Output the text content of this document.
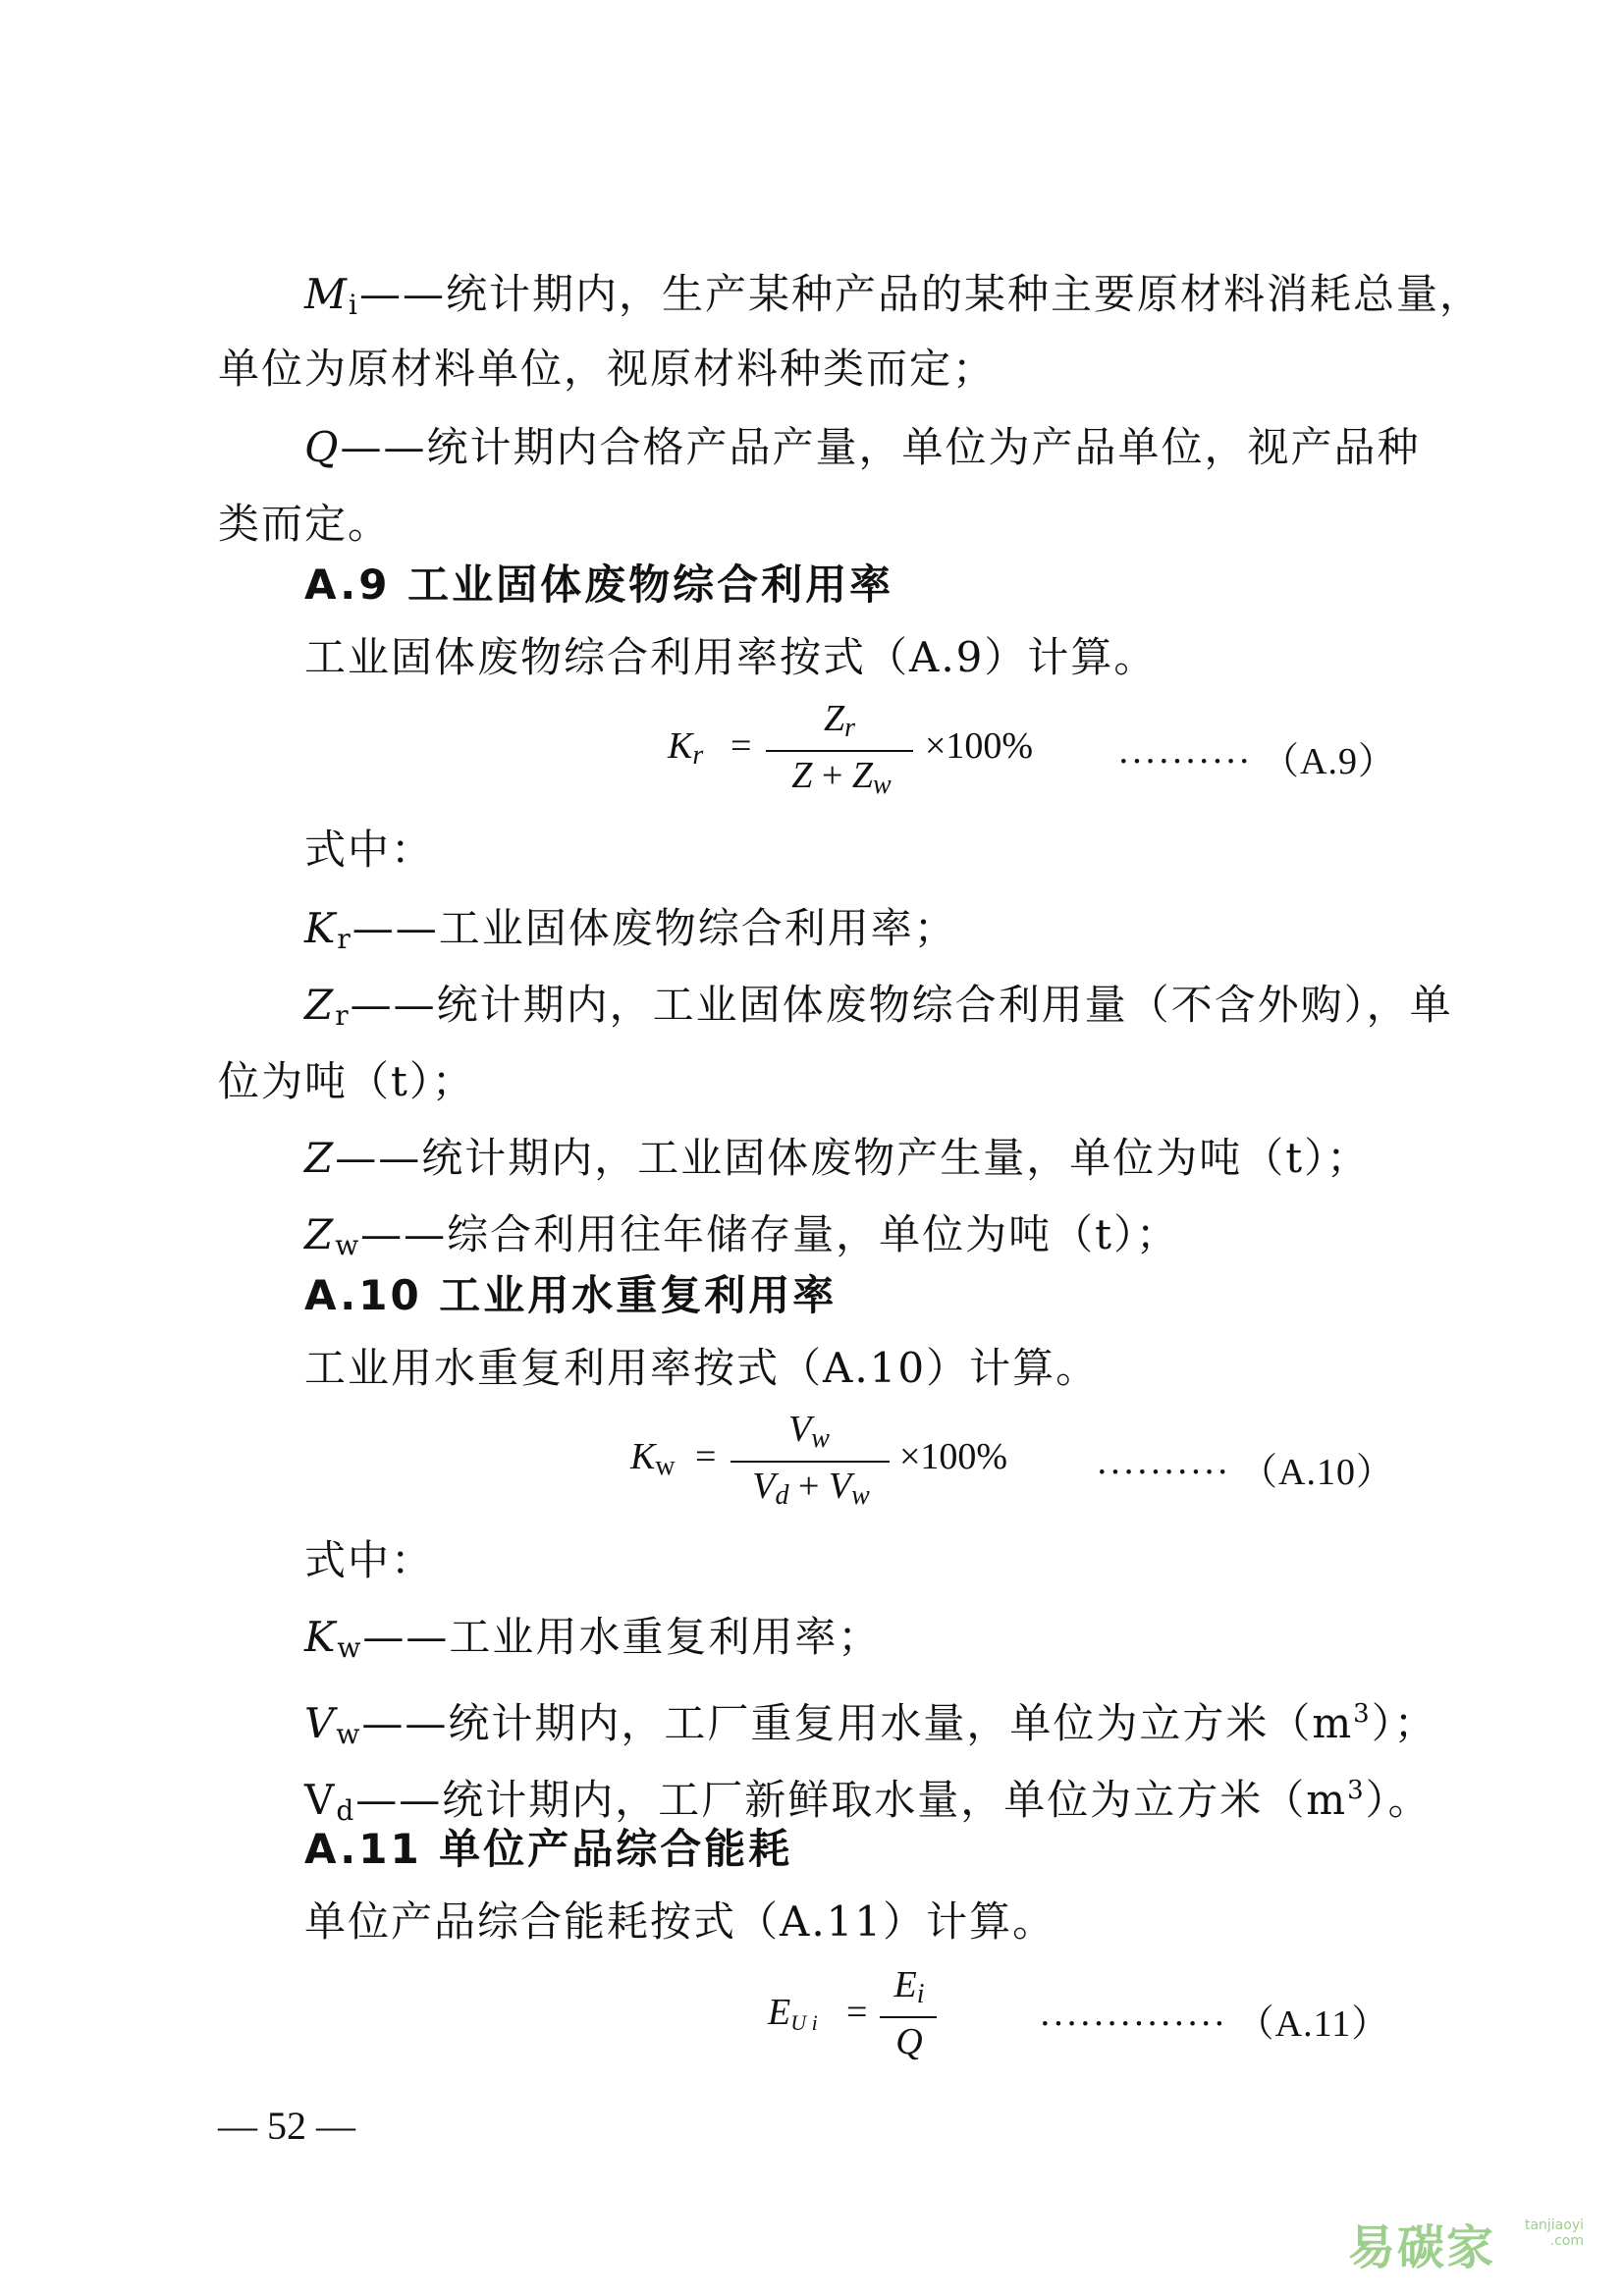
$M_i——$统计期内，生产某种产品的某种主要原材料消耗总量，
单位为原材料单位，视原材料种类而定；
Q——统计期内合格产品产量，单位为产品单位，视产品种
类而定。
A.9 工业固体废物综合利用率
工业固体废物综合利用率按式（A.9）计算。
$K_r$ =
$Z_r$
$Z + Z_w$
×100% ·········· （A.9）
式中：
$K_r——$工业固体废物综合利用率；
$Z_r——$统计期内，工业固体废物综合利用量（不含外购），单
位为吨（t）；
Z——统计期内，工业固体废物产生量，单位为吨（t）；
$Z_w——$综合利用往年储存量，单位为吨（t）；
A.10 工业用水重复利用率
工业用水重复利用率按式（A.10）计算。
$K_w$ =
$V_w$
$V_d + V_w$
×100% ·········· （A.10）
式中：
$K_w——$工业用水重复利用率；
$V_w——$统计期内，工厂重复用水量，单位为立方米$(m^3)$；
$V_d——$统计期内，工厂新鲜取水量，单位为立方米$(m^3)$。
A.11 单位产品综合能耗
单位产品综合能耗按式（A.11）计算。
$E_{U i}$ =
$E_i$
Q	·············· （A.11）
— 52 —
易碳家 tanjiaoyi
.com
